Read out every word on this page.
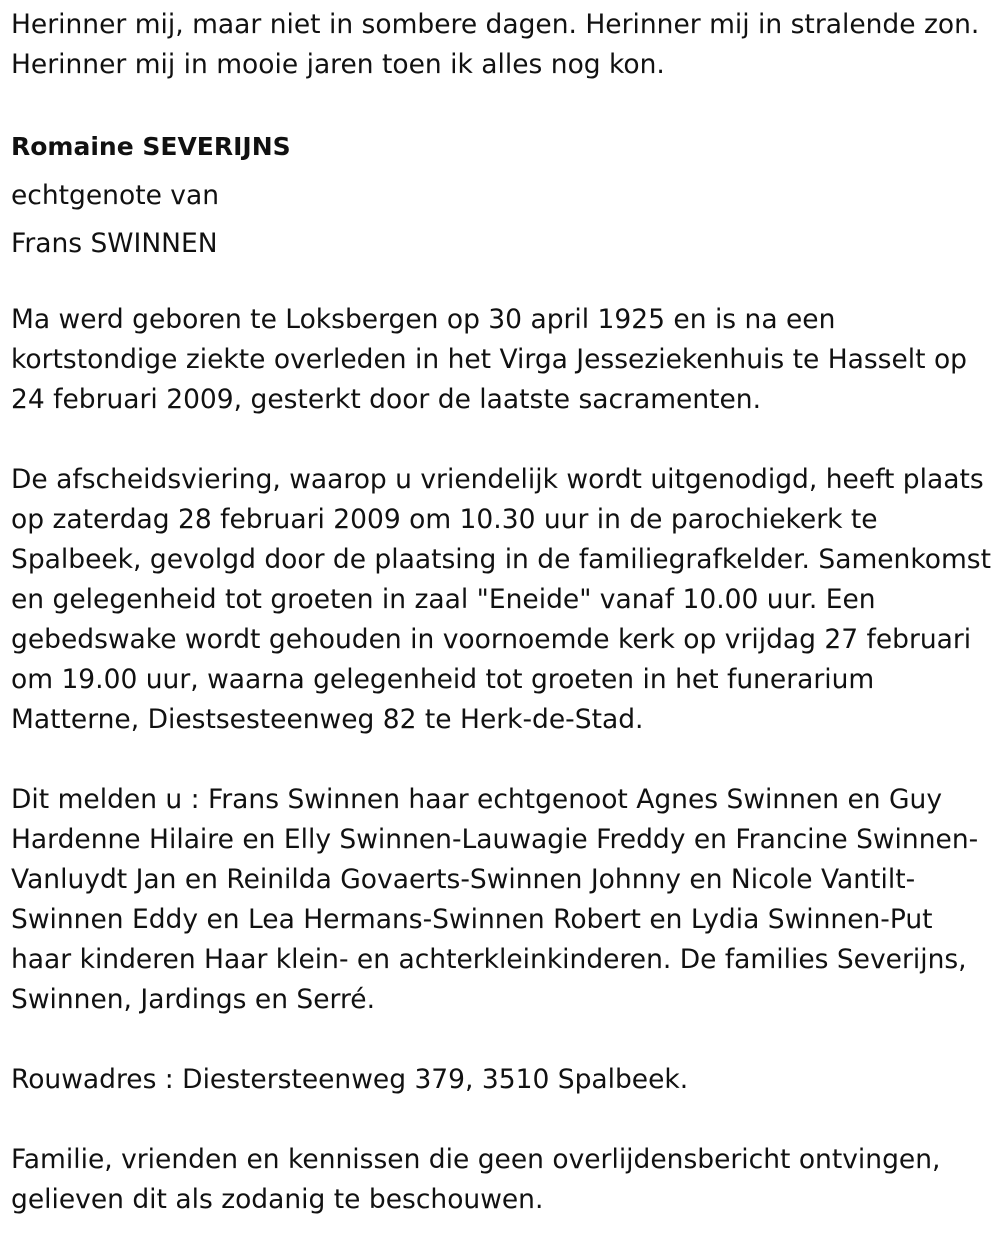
Herinner mij, maar niet in sombere dagen. Herinner mij in stralende zon.
Herinner mij in mooie jaren toen ik alles nog kon.

Romaine SEVERIJNS

echtgenote van

Frans SWINNEN

Ma werd geboren te Loksbergen op 30 april 1925 en is na een
kortstondige ziekte overleden in het Virga Jesseziekenhuis te Hasselt op
24 februari 2009, gesterkt door de laatste sacramenten.

De afscheidsviering, waarop u vriendelijk wordt uitgenodigd, heeft plaats
op zaterdag 28 februari 2009 om 10.30 uur in de parochiekerk te
Spalbeek, gevolgd door de plaatsing in de familiegrafkelder. Samenkomst
en gelegenheid tot groeten in zaal "Eneide" vanaf 10.00 uur. Een
gebedswake wordt gehouden in voornoemde kerk op vrijdag 27 februari
om 19.00 uur, waarna gelegenheid tot groeten in het funerarium
Matterne, Diestsesteenweg 82 te Herk-de-Stad.

Dit melden u : Frans Swinnen haar echtgenoot Agnes Swinnen en Guy
Hardenne Hilaire en Elly Swinnen-Lauwagie Freddy en Francine Swinnen-
Vanluydt Jan en Reinilda Govaerts-Swinnen Johnny en Nicole Vantilt-
Swinnen Eddy en Lea Hermans-Swinnen Robert en Lydia Swinnen-Put
haar kinderen Haar klein- en achterkleinkinderen. De families Severijns,
Swinnen, Jardings en Serré.

Rouwadres : Diestersteenweg 379, 3510 Spalbeek.

Familie, vrienden en kennissen die geen overlijdensbericht ontvingen,
gelieven dit als zodanig te beschouwen.
